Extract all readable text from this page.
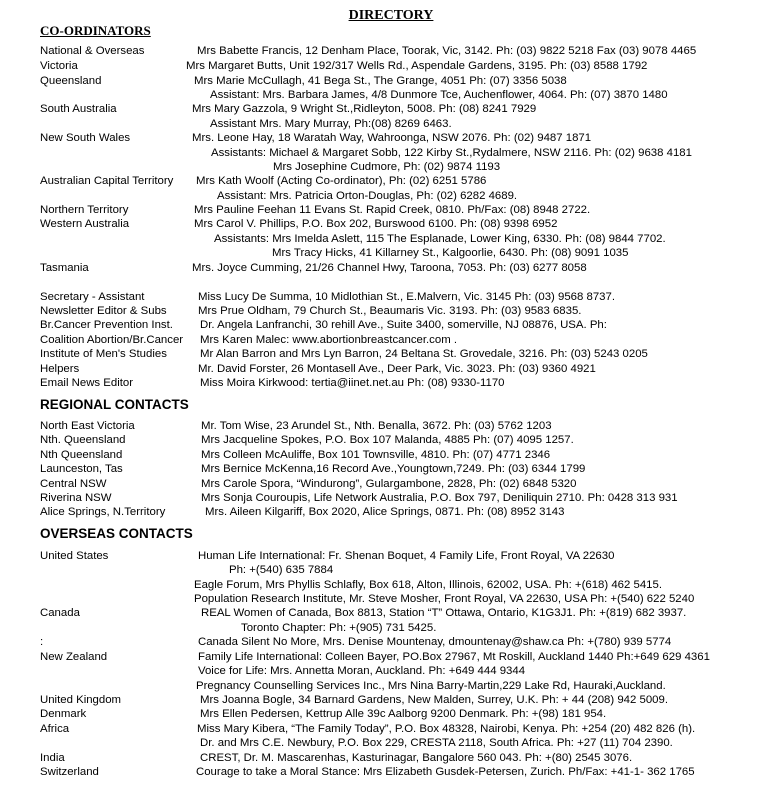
DIRECTORY
CO-ORDINATORS
National & Overseas	Mrs Babette Francis, 12 Denham Place, Toorak, Vic, 3142. Ph: (03) 9822 5218 Fax (03) 9078 4465
Victoria	Mrs Margaret Butts, Unit 192/317 Wells Rd., Aspendale Gardens, 3195. Ph: (03) 8588 1792
Queensland	Mrs Marie McCullagh, 41 Bega St., The Grange, 4051 Ph: (07) 3356 5038
Assistant: Mrs. Barbara James, 4/8 Dunmore Tce, Auchenflower, 4064. Ph: (07) 3870 1480
South Australia	Mrs Mary Gazzola, 9 Wright St.,Ridleyton, 5008. Ph: (08) 8241 7929
Assistant Mrs. Mary Murray, Ph:(08) 8269 6463.
New South Wales	Mrs. Leone Hay, 18 Waratah Way, Wahroonga, NSW 2076. Ph: (02) 9487 1871
Assistants: Michael & Margaret Sobb, 122 Kirby St.,Rydalmere, NSW 2116. Ph: (02) 9638 4181
Mrs Josephine Cudmore, Ph: (02) 9874 1193
Australian Capital Territory Mrs Kath Woolf (Acting Co-ordinator), Ph: (02) 6251 5786
Assistant: Mrs. Patricia Orton-Douglas, Ph: (02) 6282 4689.
Northern Territory	Mrs Pauline Feehan 11 Evans St. Rapid Creek, 0810. Ph/Fax: (08) 8948 2722.
Western Australia	Mrs Carol V. Phillips, P.O. Box 202, Burswood 6100. Ph: (08) 9398 6952
Assistants: Mrs Imelda Aslett, 115 The Esplanade, Lower King, 6330. Ph: (08) 9844 7702.
Mrs Tracy Hicks, 41 Killarney St., Kalgoorlie, 6430. Ph: (08) 9091 1035
Tasmania	Mrs. Joyce Cumming, 21/26 Channel Hwy, Taroona, 7053. Ph: (03) 6277 8058
Secretary - Assistant	Miss Lucy De Summa, 10 Midlothian St., E.Malvern, Vic. 3145 Ph: (03) 9568 8737.
Newsletter Editor & Subs	Mrs Prue Oldham, 79 Church St., Beaumaris Vic. 3193. Ph: (03) 9583 6835.
Br.Cancer Prevention Inst. Dr. Angela Lanfranchi, 30 rehill Ave., Suite 3400, somerville, NJ 08876, USA. Ph:
Coalition Abortion/Br.Cancer Mrs Karen Malec: www.abortionbreastcancer.com .
Institute of Men's Studies	Mr Alan Barron and Mrs Lyn Barron, 24 Beltana St. Grovedale, 3216. Ph: (03) 5243 0205
Helpers	Mr. David Forster, 26 Montasell Ave., Deer Park, Vic. 3023. Ph: (03) 9360 4921
Email News Editor	Miss Moira Kirkwood: tertia@iinet.net.au Ph: (08) 9330-1170
REGIONAL CONTACTS
North East Victoria	Mr. Tom Wise, 23 Arundel St., Nth. Benalla, 3672. Ph: (03) 5762 1203
Nth. Queensland	Mrs Jacqueline Spokes, P.O. Box 107 Malanda, 4885 Ph: (07) 4095 1257.
Nth Queensland	Mrs Colleen McAuliffe, Box 101 Townsville, 4810. Ph: (07) 4771 2346
Launceston, Tas	Mrs Bernice McKenna,16 Record Ave.,Youngtown,7249. Ph: (03) 6344 1799
Central NSW	Mrs Carole Spora, “Windurong”, Gulargambone, 2828, Ph: (02) 6848 5320
Riverina NSW	Mrs Sonja Couroupis, Life Network Australia, P.O. Box 797, Deniliquin 2710. Ph: 0428 313 931
Alice Springs, N.Territory	Mrs. Aileen Kilgariff, Box 2020, Alice Springs, 0871. Ph: (08) 8952 3143
OVERSEAS CONTACTS
United States	Human Life International: Fr. Shenan Boquet, 4 Family Life, Front Royal, VA 22630
Ph: +(540) 635 7884
Eagle Forum, Mrs Phyllis Schlafly, Box 618, Alton, Illinois, 62002, USA. Ph: +(618) 462 5415.
Population Research Institute, Mr. Steve Mosher, Front Royal, VA 22630, USA Ph: +(540) 622 5240
Canada	REAL Women of Canada, Box 8813, Station “T” Ottawa, Ontario, K1G3J1. Ph: +(819) 682 3937.
Toronto Chapter: Ph: +(905) 731 5425.
:	Canada Silent No More, Mrs. Denise Mountenay, dmountenay@shaw.ca Ph: +(780) 939 5774
New Zealand	Family Life International: Colleen Bayer, PO.Box 27967, Mt Roskill, Auckland 1440 Ph:+649 629 4361
Voice for Life: Mrs. Annetta Moran, Auckland. Ph: +649 444 9344
Pregnancy Counselling Services Inc., Mrs Nina Barry-Martin,229 Lake Rd, Hauraki,Auckland.
United Kingdom	Mrs Joanna Bogle, 34 Barnard Gardens, New Malden, Surrey, U.K. Ph: + 44 (208) 942 5009.
Denmark	Mrs Ellen Pedersen, Kettrup Alle 39c Aalborg 9200 Denmark. Ph: +(98) 181 954.
Africa	Miss Mary Kibera, “The Family Today”, P.O. Box 48328, Nairobi, Kenya. Ph: +254 (20) 482 826 (h).
Dr. and Mrs C.E. Newbury, P.O. Box 229, CRESTA 2118, South Africa. Ph: +27 (11) 704 2390.
India	CREST, Dr. M. Mascarenhas, Kasturinagar, Bangalore 560 043. Ph: +(80) 2545 3076.
Switzerland	Courage to take a Moral Stance: Mrs Elizabeth Gusdek-Petersen, Zurich. Ph/Fax: +41-1- 362 1765
